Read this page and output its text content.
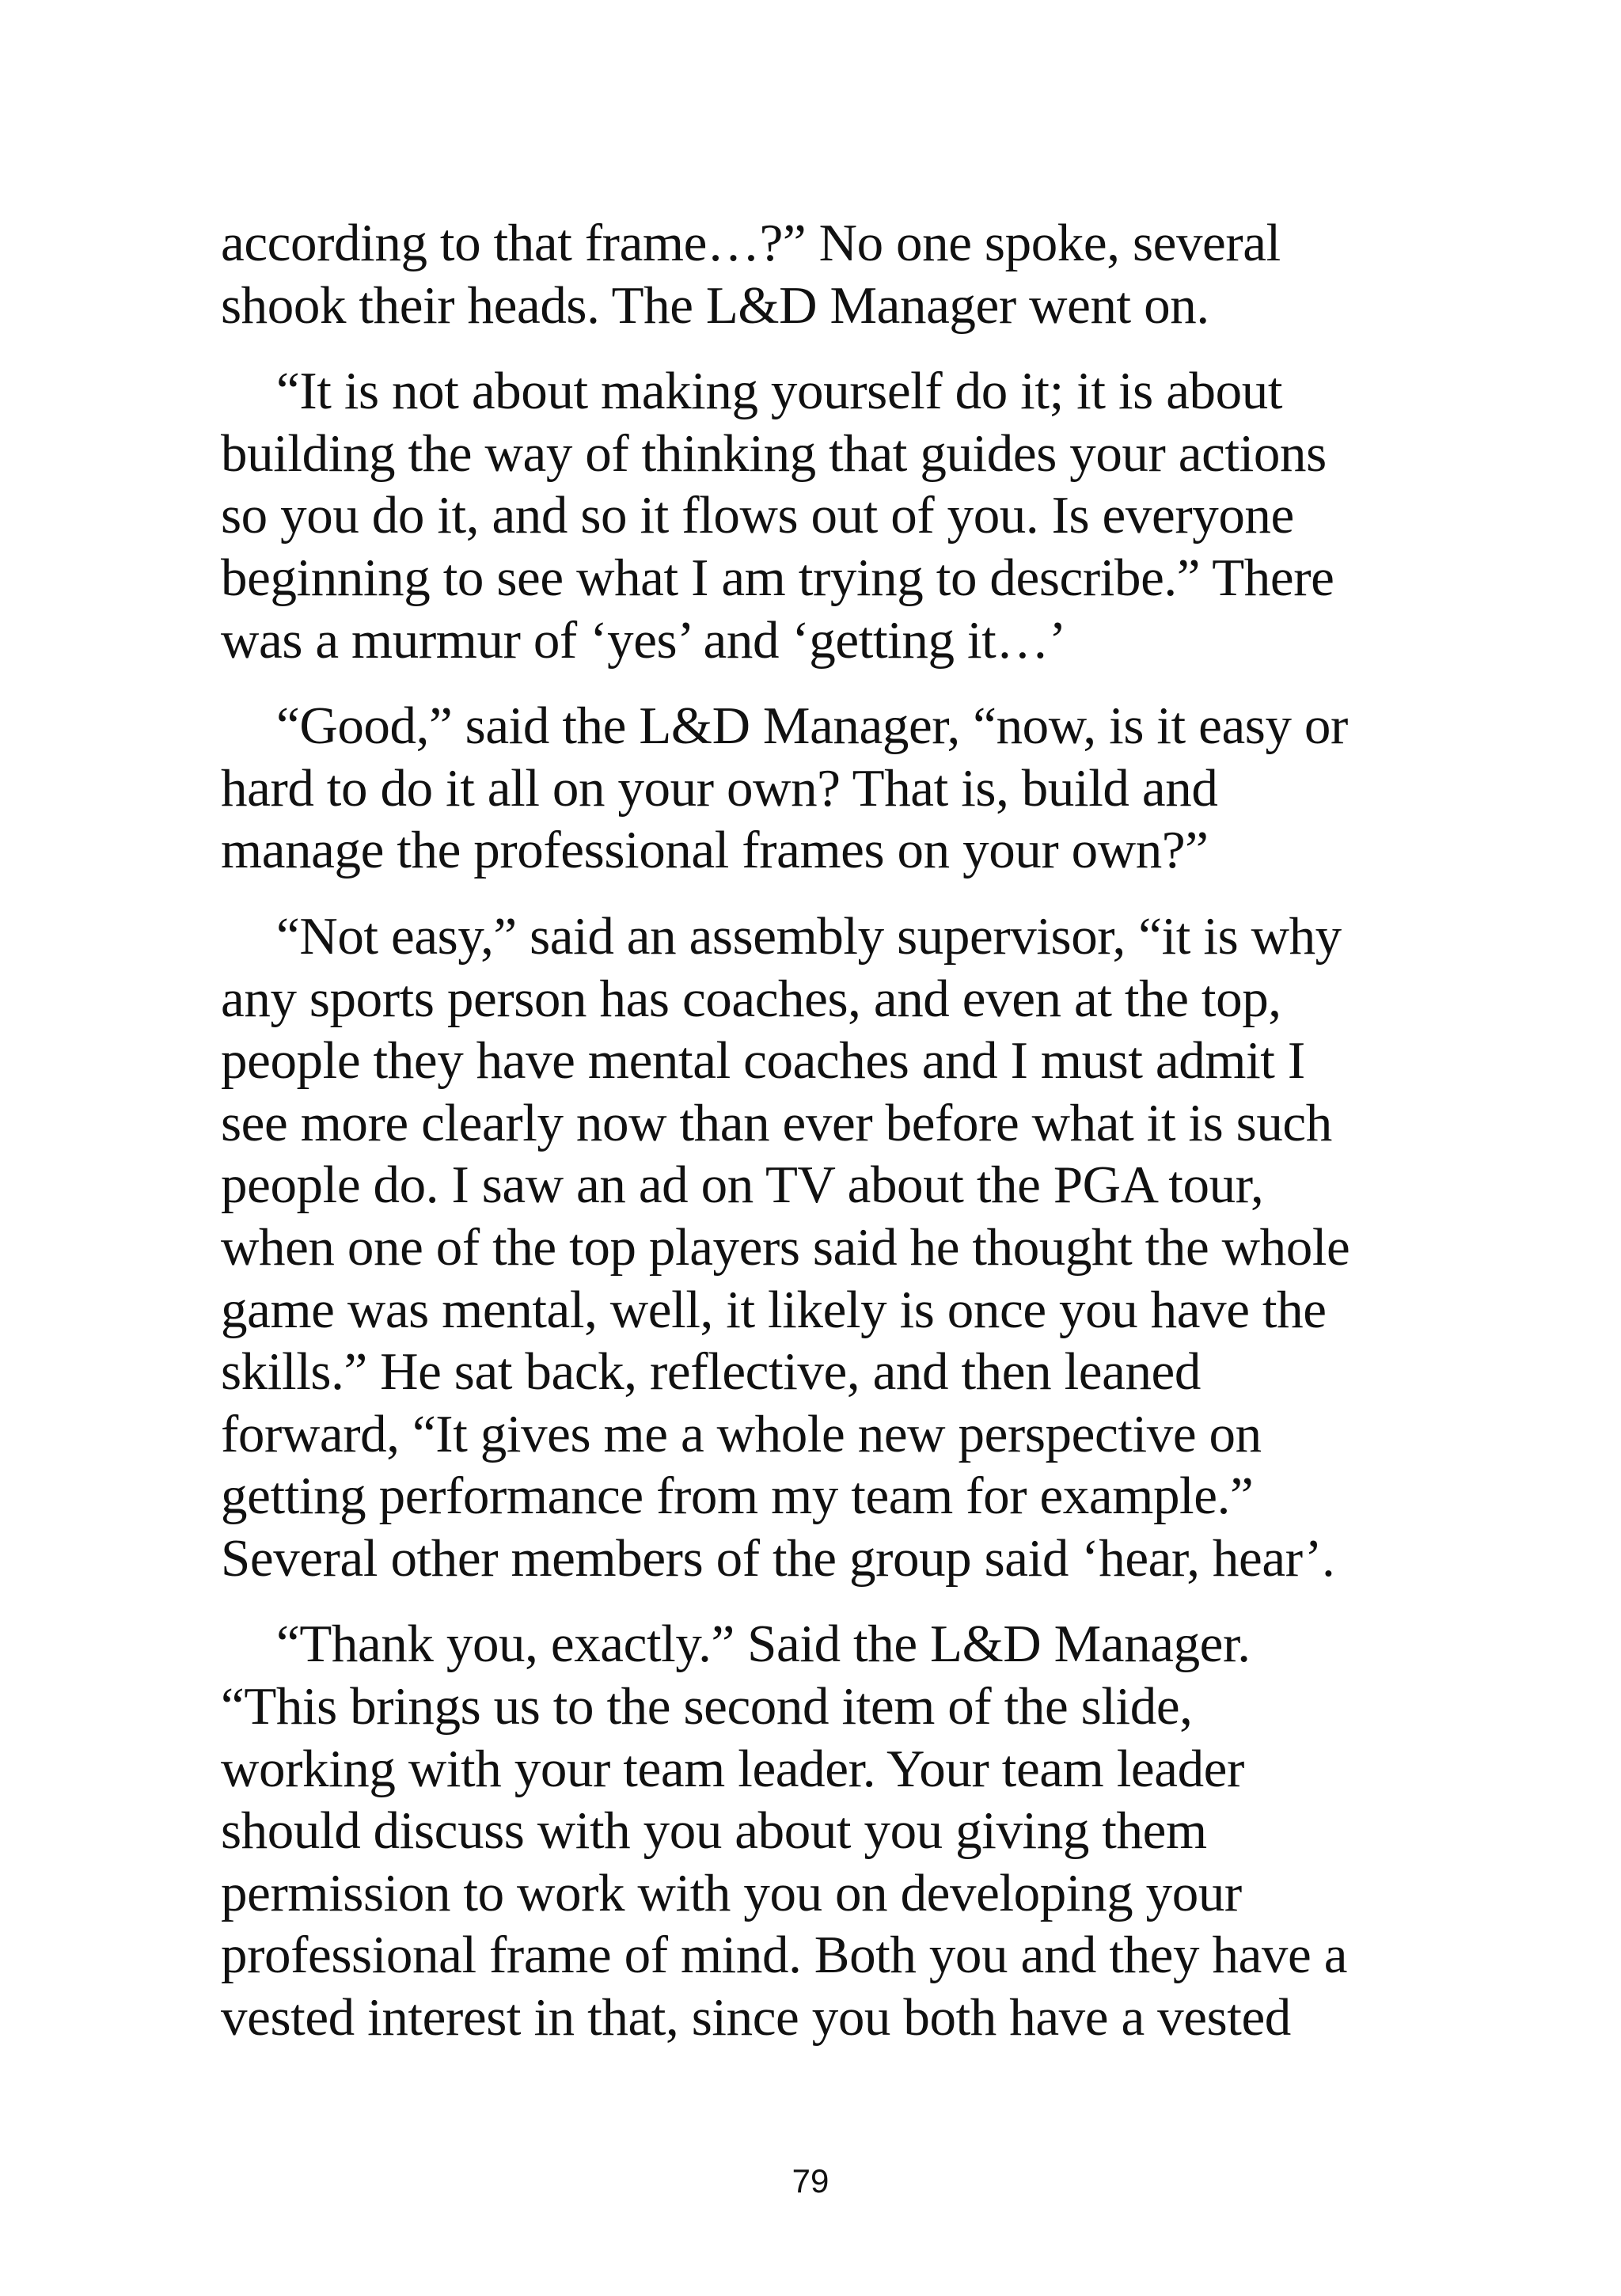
according to that frame…?” No one spoke, several
shook their heads. The L&D Manager went on.

“It is not about making yourself do it; it is about
building the way of thinking that guides your actions
so you do it, and so it flows out of you. Is everyone
beginning to see what I am trying to describe.” There
was a murmur of ‘yes’ and ‘getting it…’

“Good,” said the L&D Manager, “now, is it easy or
hard to do it all on your own? That is, build and
manage the professional frames on your own?”

“Not easy,” said an assembly supervisor, “it is why
any sports person has coaches, and even at the top,
people they have mental coaches and I must admit I
see more clearly now than ever before what it is such
people do. I saw an ad on TV about the PGA tour,
when one of the top players said he thought the whole
game was mental, well, it likely is once you have the
skills.” He sat back, reflective, and then leaned
forward, “It gives me a whole new perspective on
getting performance from my team for example.”
Several other members of the group said ‘hear, hear’.

“Thank you, exactly.” Said the L&D Manager.
“This brings us to the second item of the slide,
working with your team leader. Your team leader
should discuss with you about you giving them
permission to work with you on developing your
professional frame of mind. Both you and they have a
vested interest in that, since you both have a vested

79
